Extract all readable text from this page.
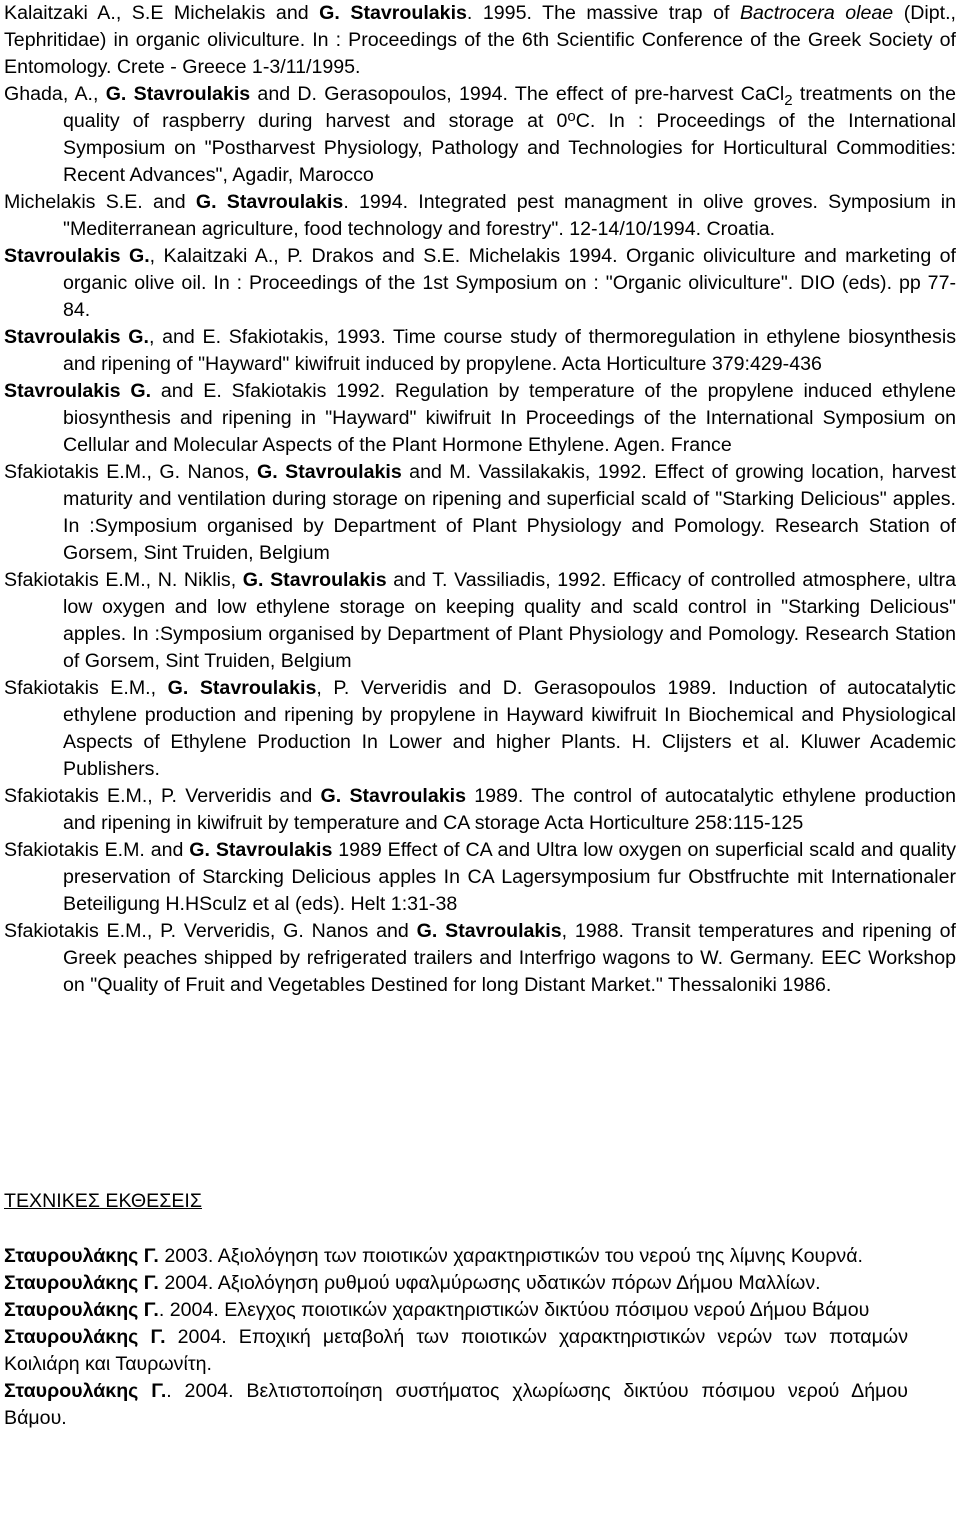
Kalaitzaki A., S.E Michelakis and G. Stavroulakis. 1995. The massive trap of Bactrocera oleae (Dipt., Tephritidae) in organic oliviculture. In : Proceedings of the 6th Scientific Conference of the Greek Society of Entomology. Crete - Greece 1-3/11/1995.

Ghada, A., G. Stavroulakis and D. Gerasopoulos, 1994. The effect of pre-harvest CaCl$_2$ treatments on the quality of raspberry during harvest and storage at 0$^o$C. In : Proceedings of the International Symposium on "Postharvest Physiology, Pathology and Technologies for Horticultural Commodities: Recent Advances", Agadir, Marocco

Michelakis S.E. and G. Stavroulakis. 1994. Integrated pest managment in olive groves. Symposium in "Mediterranean agriculture, food technology and forestry". 12-14/10/1994. Croatia.

Stavroulakis G., Kalaitzaki A., P. Drakos and S.E. Michelakis 1994. Organic oliviculture and marketing of organic olive oil. In : Proceedings of the 1st Symposium on : "Organic oliviculture". DIO (eds). pp 77-84.

Stavroulakis G., and E. Sfakiotakis, 1993. Time course study of thermoregulation in ethylene biosynthesis and ripening of "Hayward" kiwifruit induced by propylene. Acta Horticulture 379:429-436

Stavroulakis G. and E. Sfakiotakis 1992. Regulation by temperature of the propylene induced ethylene biosynthesis and ripening in "Hayward" kiwifruit In Proceedings of the International Symposium on Cellular and Molecular Aspects of the Plant Hormone Ethylene. Agen. France

Sfakiotakis E.M., G. Nanos, G. Stavroulakis and M. Vassilakakis, 1992. Effect of growing location, harvest maturity and ventilation during storage on ripening and superficial scald of "Starking Delicious" apples. In :Symposium organised by Department of Plant Physiology and Pomology. Research Station of Gorsem, Sint Truiden, Belgium

Sfakiotakis E.M., N. Niklis, G. Stavroulakis and T. Vassiliadis, 1992. Efficacy of controlled atmosphere, ultra low oxygen and low ethylene storage on keeping quality and scald control in "Starking Delicious" apples. In :Symposium organised by Department of Plant Physiology and Pomology. Research Station of Gorsem, Sint Truiden, Belgium

Sfakiotakis E.M., G. Stavroulakis, P. Ververidis and D. Gerasopoulos 1989. Induction of autocatalytic ethylene production and ripening by propylene in Hayward kiwifruit In Biochemical and Physiological Aspects of Ethylene Production In Lower and higher Plants. H. Clijsters et al. Kluwer Academic Publishers.

Sfakiotakis E.M., P. Ververidis and G. Stavroulakis 1989. The control of autocatalytic ethylene production and ripening in kiwifruit by temperature and CA storage Acta Horticulture 258:115-125

Sfakiotakis E.M. and G. Stavroulakis 1989 Effect of CA and Ultra low oxygen on superficial scald and quality preservation of Starcking Delicious apples In CA Lagersymposium fur Obstfruchte mit Internationaler Beteiligung H.HSculz et al (eds). Helt 1:31-38

Sfakiotakis E.M., P. Ververidis, G. Nanos and G. Stavroulakis, 1988. Transit temperatures and ripening of Greek peaches shipped by refrigerated trailers and Interfrigo wagons to W. Germany. EEC Workshop on "Quality of Fruit and Vegetables Destined for long Distant Market." Thessaloniki 1986.

ΤΕΧΝΙΚΕΣ ΕΚΘΕΣΕΙΣ

Σταυρουλάκης Γ. 2003. Αξιολόγηση των ποιοτικών χαρακτηριστικών του νερού της λίμνης Κουρνά.

Σταυρουλάκης Γ. 2004. Αξιολόγηση ρυθμού υφαλμύρωσης υδατικών πόρων Δήμου Μαλλίων.

Σταυρουλάκης Γ.. 2004. Ελεγχος ποιοτικών χαρακτηριστικών δικτύου πόσιμου νερού Δήμου Βάμου

Σταυρουλάκης Γ. 2004. Εποχική μεταβολή των ποιοτικών χαρακτηριστικών νερών των ποταμών Κοιλιάρη και Ταυρωνίτη.

Σταυρουλάκης Γ.. 2004. Βελτιστοποίηση συστήματος χλωρίωσης δικτύου πόσιμου νερού Δήμου Βάμου.
